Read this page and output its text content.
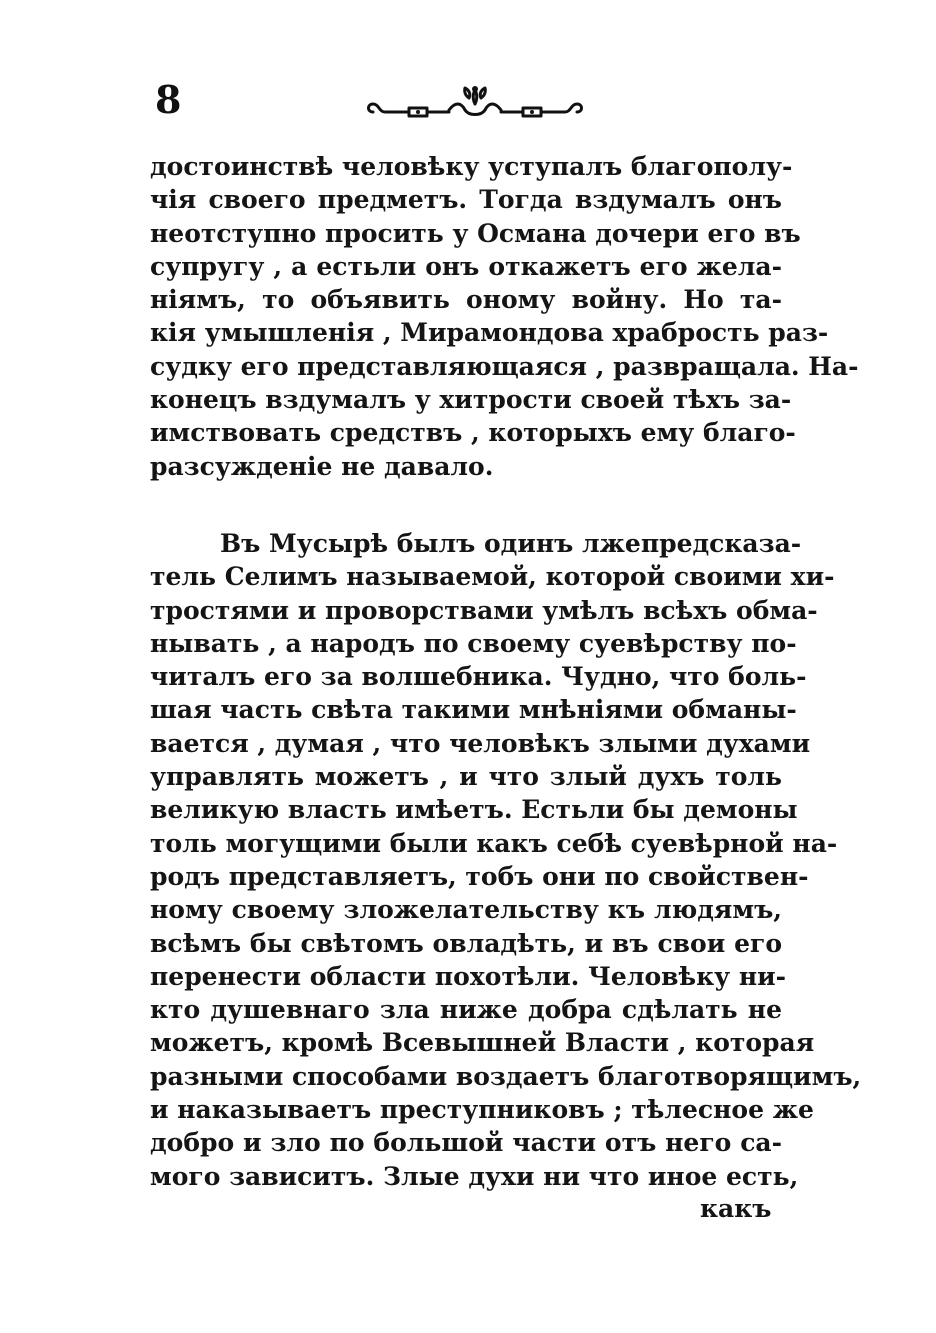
8
достоинствѣ человѣку уступалъ благополу-
чія своего предметъ. Тогда вздумалъ онъ
неотступно просить у Османа дочери его въ
супругу , а естьли онъ откажетъ его жела-
ніямъ, то объявить оному войну. Но та-
кія умышленія , Мирамондова храбрость раз-
судку его представляющаяся , развращала. На-
конецъ вздумалъ у хитрости своей тѣхъ за-
имствовать средствъ , которыхъ ему благо-
разсужденіе не давало.
Въ Мусырѣ былъ одинъ лжепредсказа-
тель Селимъ называемой, которой своими хи-
тростями и проворствами умѣлъ всѣхъ обма-
нывать , а народъ по своему суевѣрству по-
читалъ его за волшебника. Чудно, что боль-
шая часть свѣта такими мнѣніями обманы-
вается , думая , что человѣкъ злыми духами
управлять можетъ , и что злый духъ толь
великую власть имѣетъ. Естьли бы демоны
толь могущими были какъ себѣ суевѣрной на-
родъ представляетъ, тобъ они по свойствен-
ному своему зложелательству къ людямъ,
всѣмъ бы свѣтомъ овладѣть, и въ свои его
перенести области похотѣли. Человѣку ни-
кто душевнаго зла ниже добра сдѣлать не
можетъ, кромѣ Всевышней Власти , которая
разными способами воздаетъ благотворящимъ,
и наказываетъ преступниковъ ; тѣлесное же
добро и зло по большой части отъ него са-
мого зависитъ. Злые духи ни что иное есть,
какъ
